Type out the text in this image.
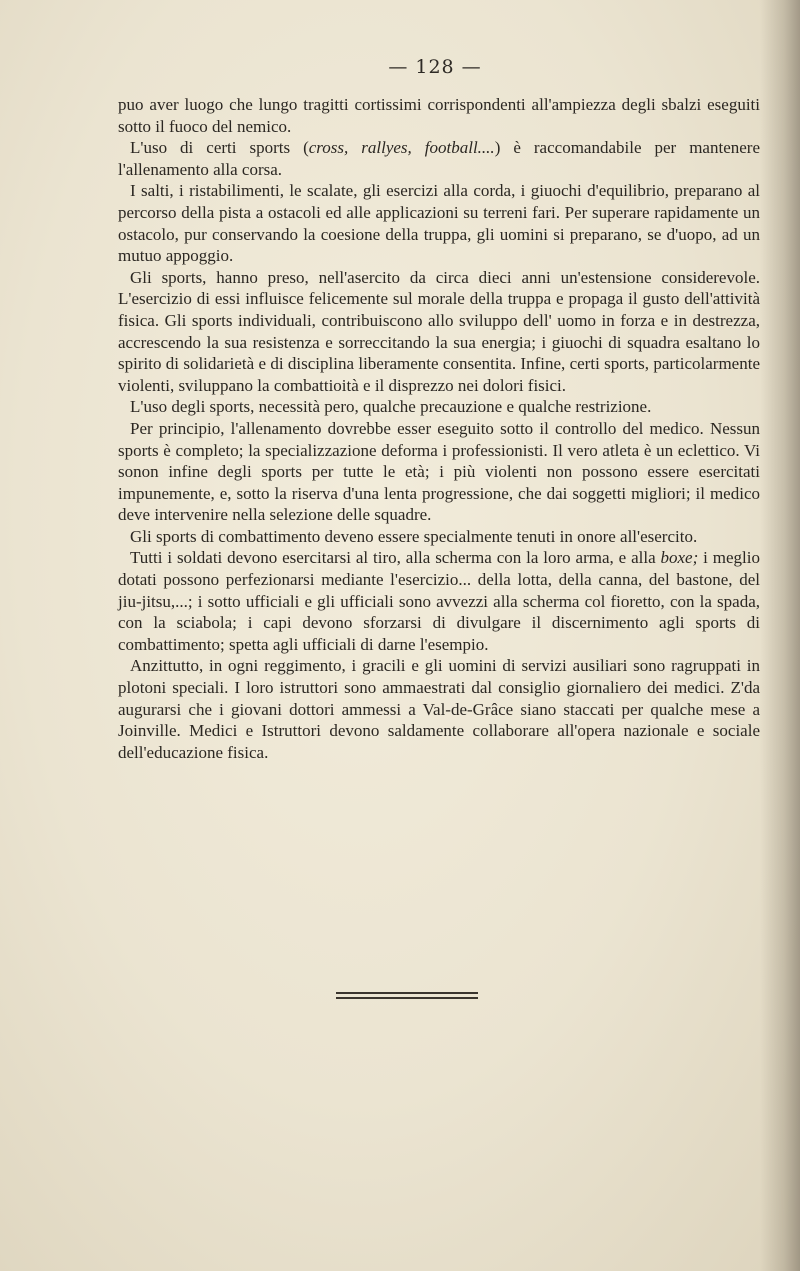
— 128 —

puo aver luogo che lungo tragitti cortissimi corrispondenti all'ampiezza degli sbalzi eseguiti sotto il fuoco del nemico.

L'uso di certi sports (cross, rallyes, football....) è raccomandabile per mantenere l'allenamento alla corsa.

I salti, i ristabilimenti, le scalate, gli esercizi alla corda, i giuochi d'equilibrio, preparano al percorso della pista a ostacoli ed alle applicazioni su terreni fari. Per superare rapidamente un ostacolo, pur conservando la coesione della truppa, gli uomini si preparano, se d'uopo, ad un mutuo appoggio.

Gli sports, hanno preso, nell'asercito da circa dieci anni un'estensione considerevole. L'esercizio di essi influisce felicemente sul morale della truppa e propaga il gusto dell'attività fisica. Gli sports individuali, contribuiscono allo sviluppo dell' uomo in forza e in destrezza, accrescendo la sua resistenza e sorreccitando la sua energia; i giuochi di squadra esaltano lo spirito di solidarietà e di disciplina liberamente consentita. Infine, certi sports, particolarmente violenti, sviluppano la combattioità e il disprezzo nei dolori fisici.

L'uso degli sports, necessità pero, qualche precauzione e qualche restrizione.

Per principio, l'allenamento dovrebbe esser eseguito sotto il controllo del medico. Nessun sports è completo; la specializzazione deforma i professionisti. Il vero atleta è un eclettico. Vi sonon infine degli sports per tutte le età; i più violenti non possono essere esercitati impunemente, e, sotto la riserva d'una lenta progressione, che dai soggetti migliori; il medico deve intervenire nella selezione delle squadre.

Gli sports di combattimento deveno essere specialmente tenuti in onore all'esercito.

Tutti i soldati devono esercitarsi al tiro, alla scherma con la loro arma, e alla boxe; i meglio dotati possono perfezionarsi mediante l'esercizio... della lotta, della canna, del bastone, del jiu-jitsu,...; i sotto ufficiali e gli ufficiali sono avvezzi alla scherma col fioretto, con la spada, con la sciabola; i capi devono sforzarsi di divulgare il discernimento agli sports di combattimento; spetta agli ufficiali di darne l'esempio.

Anzittutto, in ogni reggimento, i gracili e gli uomini di servizi ausiliari sono ragruppati in plotoni speciali. I loro istruttori sono ammaestrati dal consiglio giornaliero dei medici. Z'da augurarsi che i giovani dottori ammessi a Val-de-Grâce siano staccati per qualche mese a Joinville. Medici e Istruttori devono saldamente collaborare all'opera nazionale e sociale dell'educazione fisica.
